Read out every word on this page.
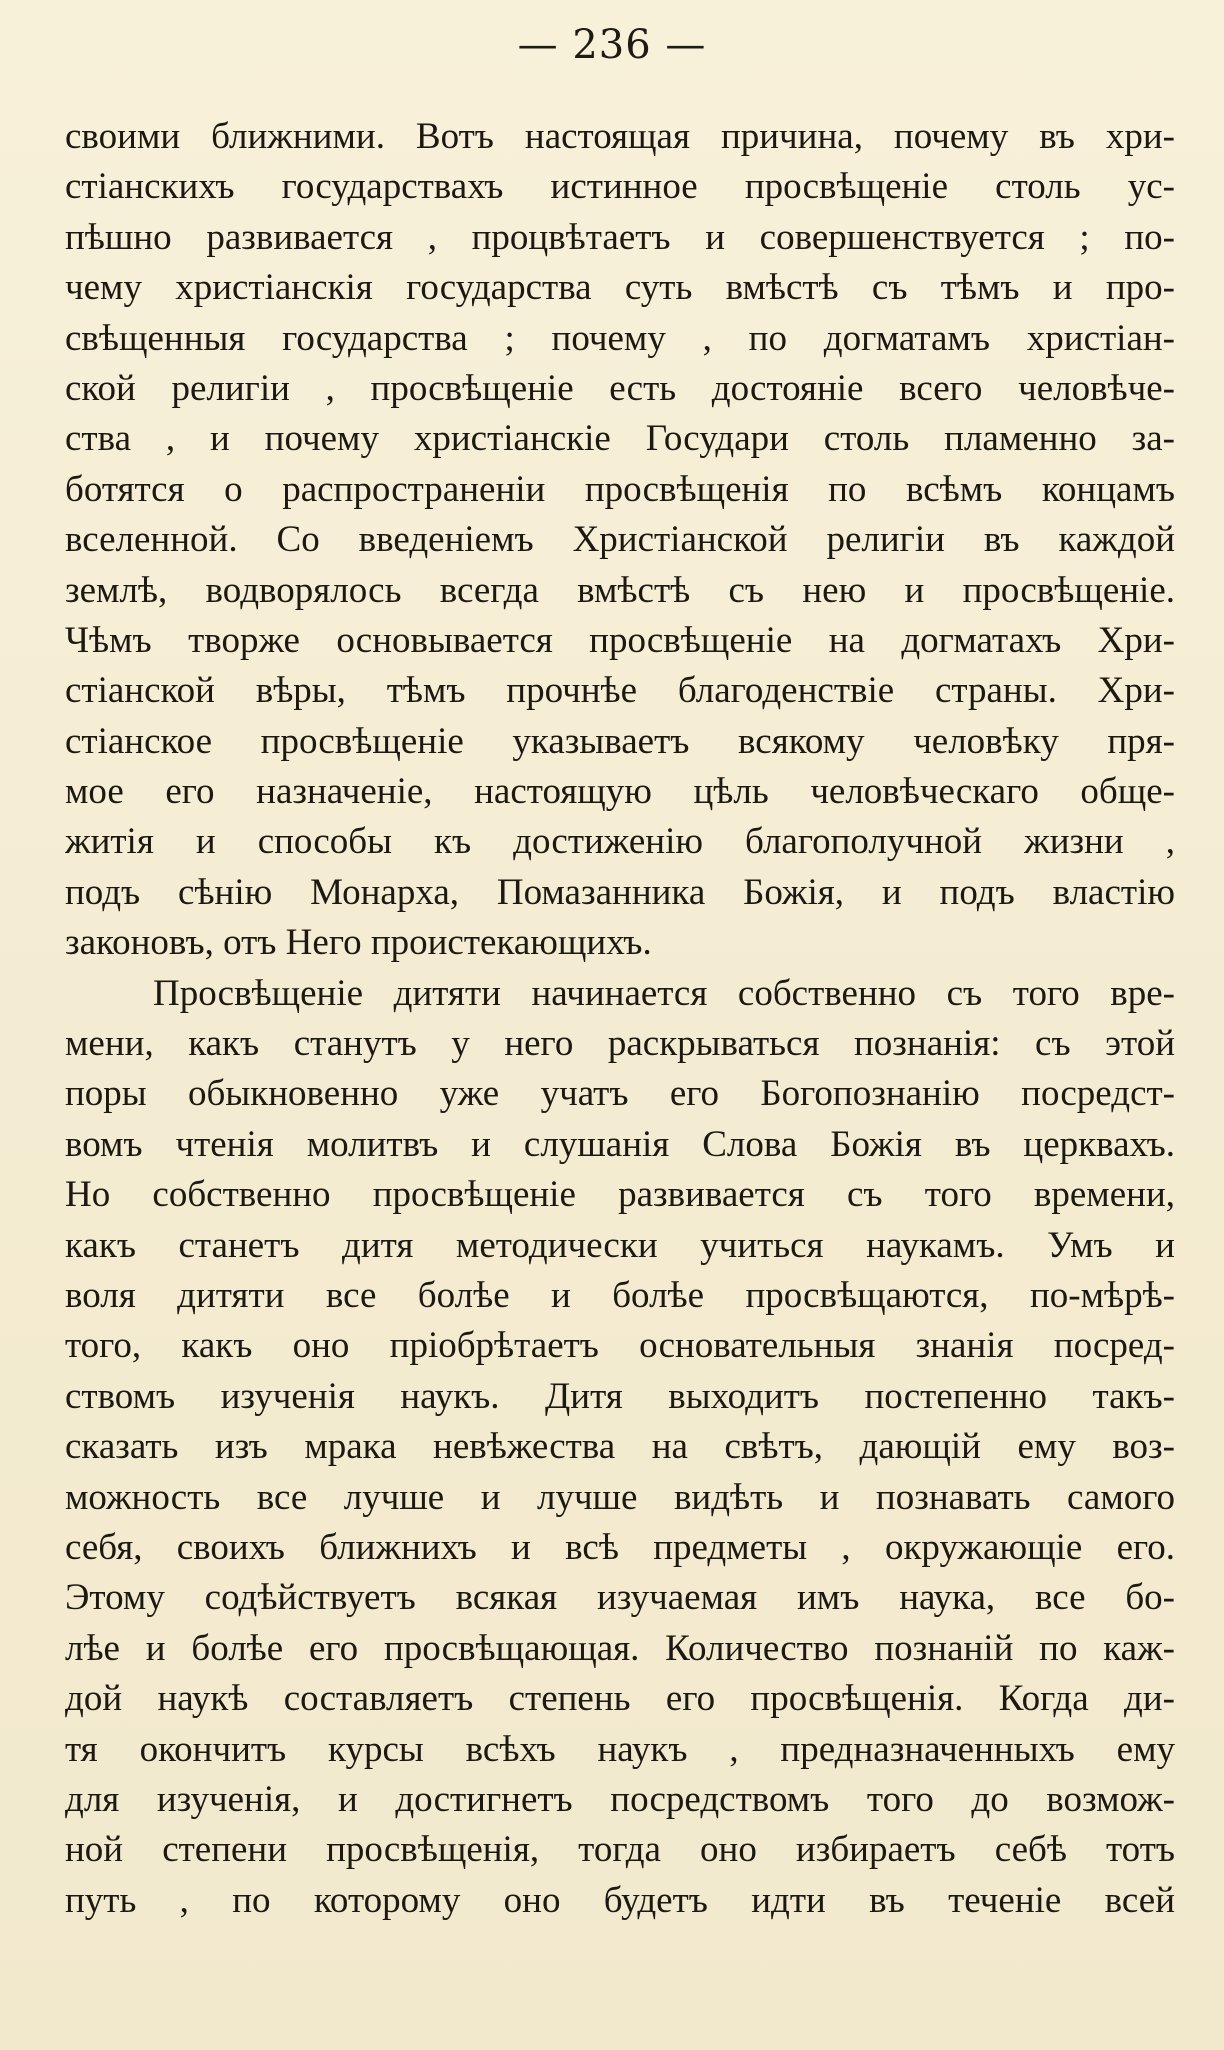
— 236 —
своими ближними. Вотъ настоящая причина, почему въ хри-
стіанскихъ государствахъ истинное просвѣщеніе столь ус-
пѣшно развивается , процвѣтаетъ и совершенствуется ; по-
чему христіанскія государства суть вмѣстѣ съ тѣмъ и про-
свѣщенныя государства ; почему , по догматамъ христіан-
ской религіи , просвѣщеніе есть достояніе всего человѣче-
ства , и почему христіанскіе Государи столь пламенно за-
ботятся о распространеніи просвѣщенія по всѣмъ концамъ
вселенной. Со введеніемъ Христіанской религіи въ каждой
землѣ, водворялось всегда вмѣстѣ съ нею и просвѣщеніе.
Чѣмъ творже основывается просвѣщеніе на догматахъ Хри-
стіанской вѣры, тѣмъ прочнѣе благоденствіе страны. Хри-
стіанское просвѣщеніе указываетъ всякому человѣку пря-
мое его назначеніе, настоящую цѣль человѣческаго обще-
житія и способы къ достиженію благополучной жизни ,
подъ сѣнію Монарха, Помазанника Божія, и подъ властію
законовъ, отъ Него проистекающихъ.
Просвѣщеніе дитяти начинается собственно съ того вре-
мени, какъ станутъ у него раскрываться познанія: съ этой
поры обыкновенно уже учатъ его Богопознанію посредст-
вомъ чтенія молитвъ и слушанія Слова Божія въ церквахъ.
Но собственно просвѣщеніе развивается съ того времени,
какъ станетъ дитя методически учиться наукамъ. Умъ и
воля дитяти все болѣе и болѣе просвѣщаются, по-мѣрѣ-
того, какъ оно пріобрѣтаетъ основательныя знанія посред-
ствомъ изученія наукъ. Дитя выходитъ постепенно такъ-
сказать изъ мрака невѣжества на свѣтъ, дающій ему воз-
можность все лучше и лучше видѣть и познавать самого
себя, своихъ ближнихъ и всѣ предметы , окружающіе его.
Этому содѣйствуетъ всякая изучаемая имъ наука, все бо-
лѣе и болѣе его просвѣщающая. Количество познаній по каж-
дой наукѣ составляетъ степень его просвѣщенія. Когда ди-
тя окончитъ курсы всѣхъ наукъ , предназначенныхъ ему
для изученія, и достигнетъ посредствомъ того до возмож-
ной степени просвѣщенія, тогда оно избираетъ себѣ тотъ
путь , по которому оно будетъ идти въ теченіе всей
